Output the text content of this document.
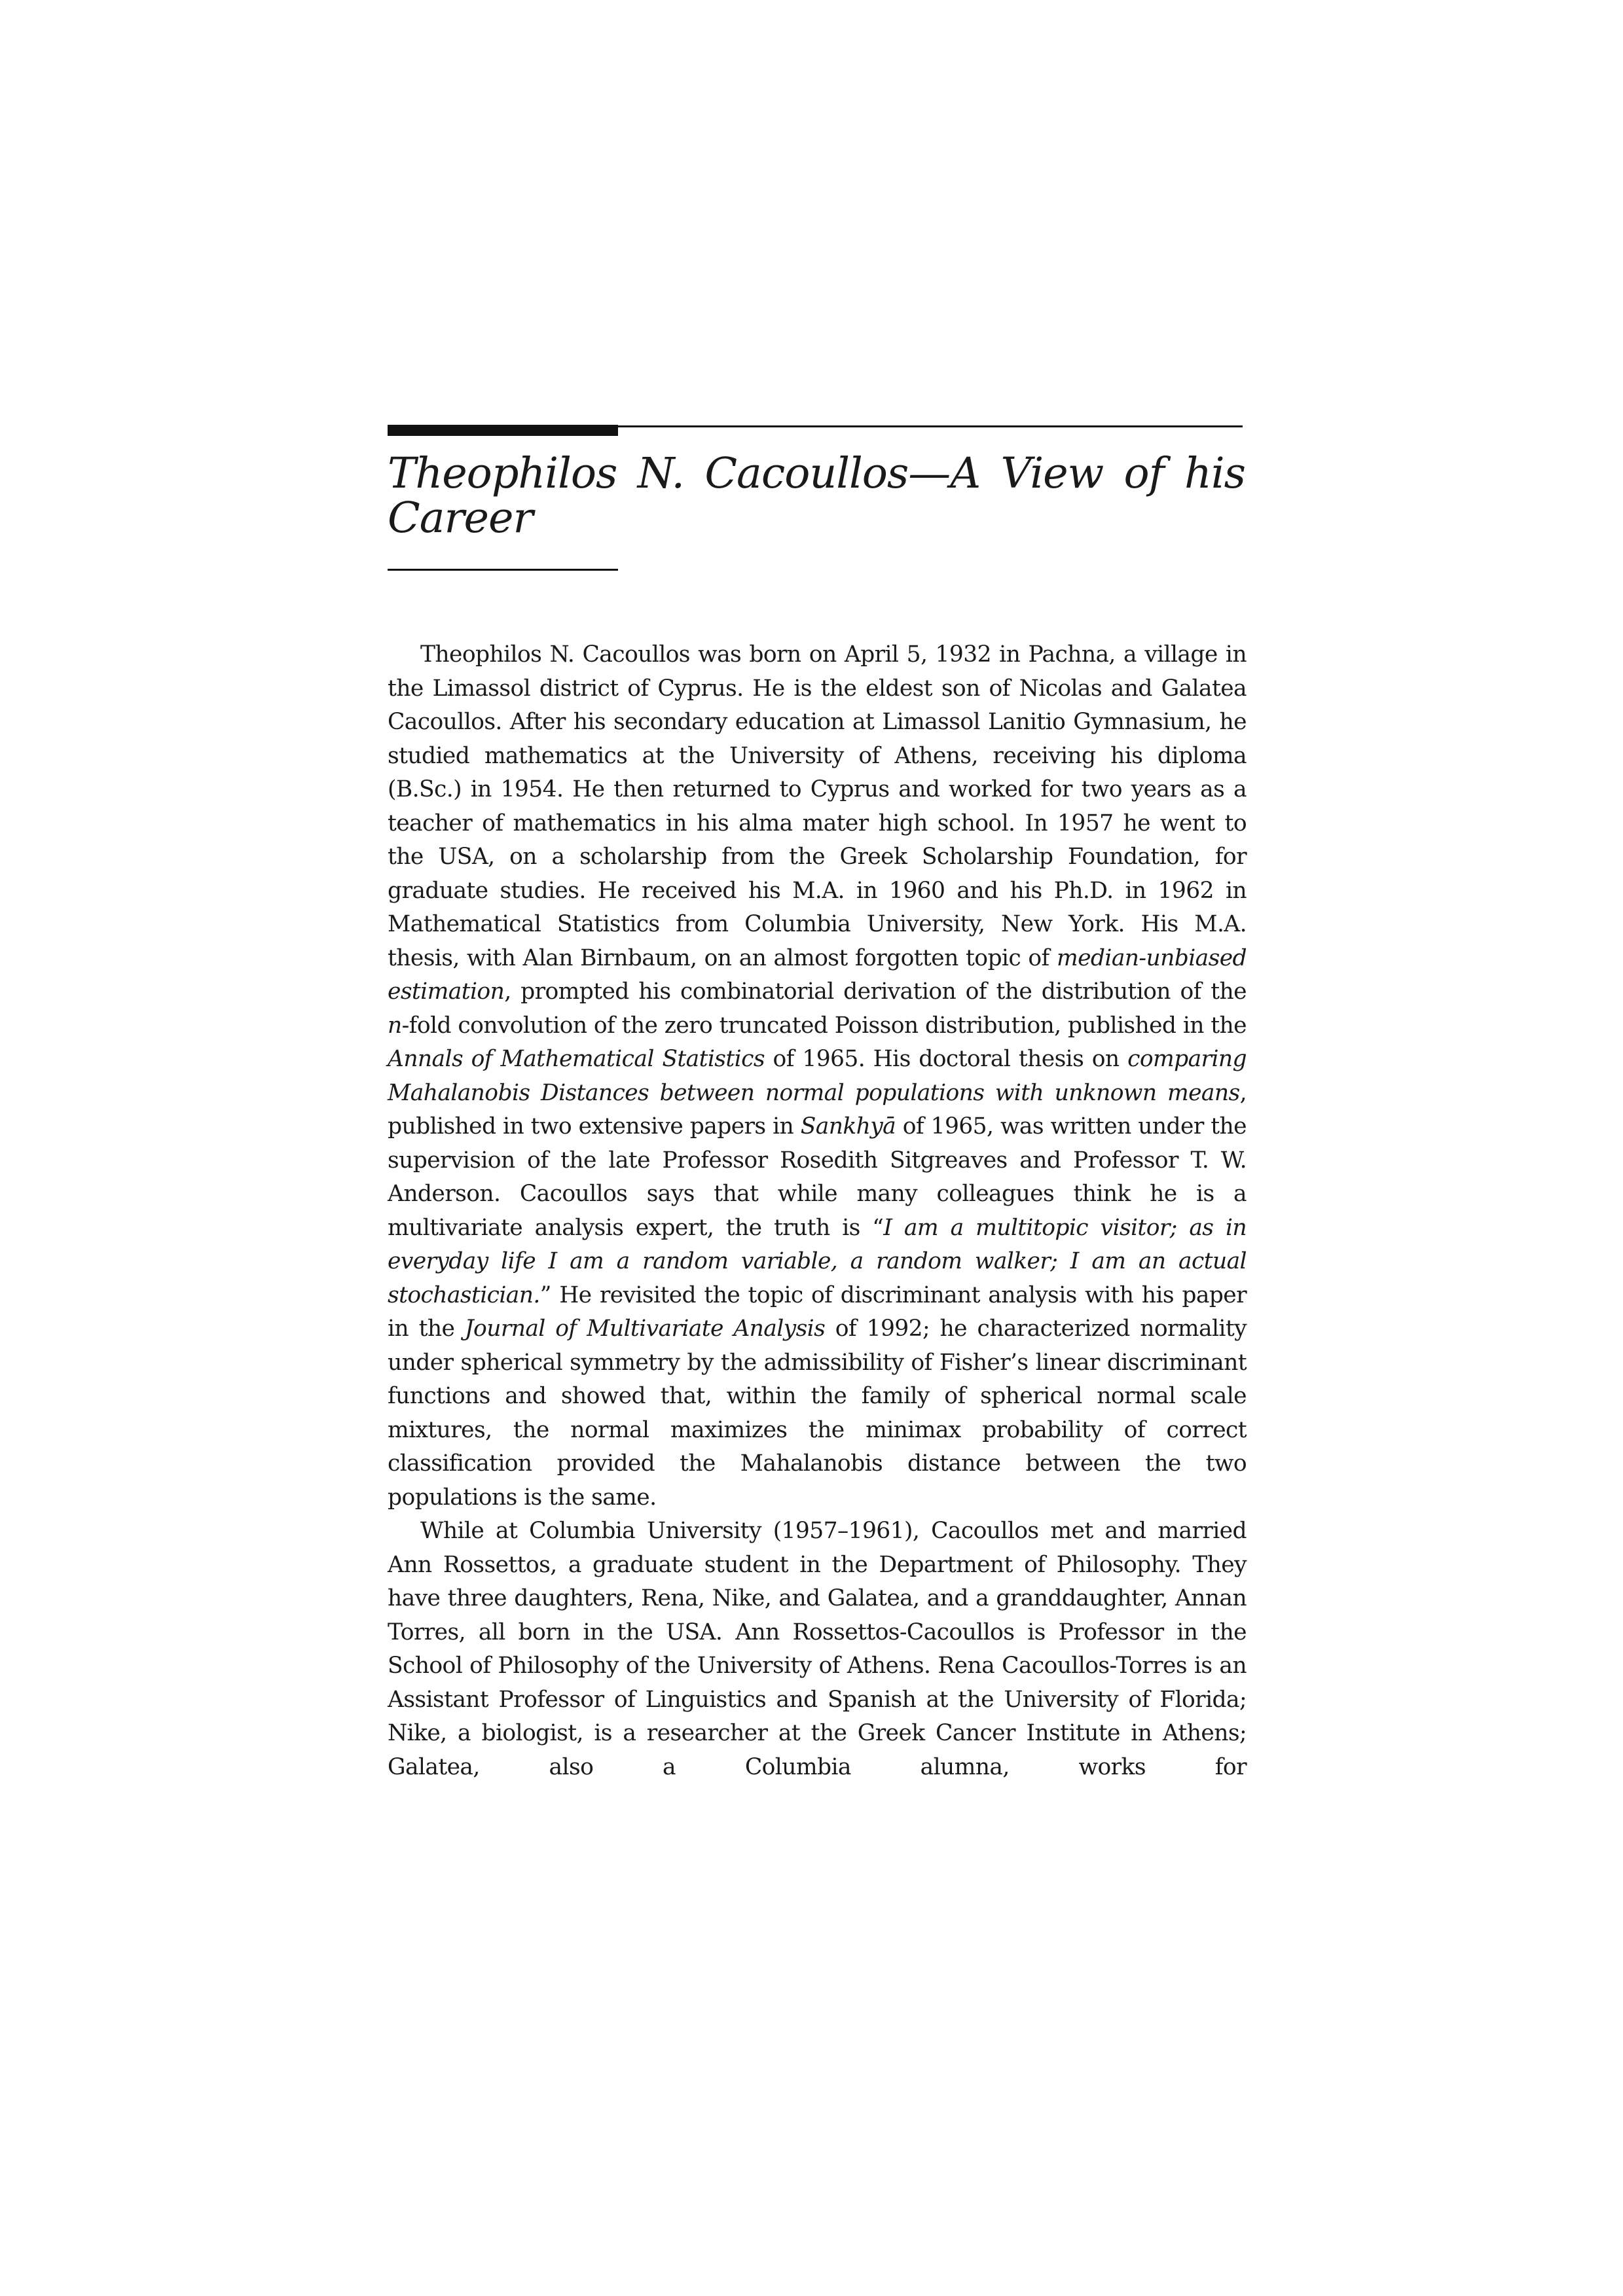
Theophilos N. Cacoullos—A View of his Career

Theophilos N. Cacoullos was born on April 5, 1932 in Pachna, a village in the Limassol district of Cyprus. He is the eldest son of Nicolas and Galatea Cacoullos. After his secondary education at Limassol Lanitio Gymnasium, he studied mathematics at the University of Athens, receiving his diploma (B.Sc.) in 1954. He then returned to Cyprus and worked for two years as a teacher of mathematics in his alma mater high school. In 1957 he went to the USA, on a scholarship from the Greek Scholarship Foundation, for graduate studies. He received his M.A. in 1960 and his Ph.D. in 1962 in Mathematical Statistics from Columbia University, New York. His M.A. thesis, with Alan Birnbaum, on an almost forgotten topic of median-unbiased estimation, prompted his combinatorial derivation of the distribution of the n-fold convolution of the zero truncated Poisson distribution, published in the Annals of Mathematical Statistics of 1965. His doctoral thesis on comparing Mahalanobis Distances between normal populations with unknown means, published in two extensive papers in Sankhyā of 1965, was written under the supervision of the late Professor Rosedith Sitgreaves and Professor T. W. Anderson. Cacoullos says that while many colleagues think he is a multivariate analysis expert, the truth is “I am a multitopic visitor; as in everyday life I am a random variable, a random walker; I am an actual stochastician.” He revisited the topic of discriminant analysis with his paper in the Journal of Multivariate Analysis of 1992; he characterized normality under spherical symmetry by the admissibility of Fisher’s linear discriminant functions and showed that, within the family of spherical normal scale mixtures, the normal maximizes the minimax probability of correct classification provided the Mahalanobis distance between the two populations is the same.

While at Columbia University (1957–1961), Cacoullos met and married Ann Rossettos, a graduate student in the Department of Philosophy. They have three daughters, Rena, Nike, and Galatea, and a granddaughter, Annan Torres, all born in the USA. Ann Rossettos-Cacoullos is Professor in the School of Philosophy of the University of Athens. Rena Cacoullos-Torres is an Assistant Professor of Linguistics and Spanish at the University of Florida; Nike, a biologist, is a researcher at the Greek Cancer Institute in Athens; Galatea, also a Columbia alumna, works for
